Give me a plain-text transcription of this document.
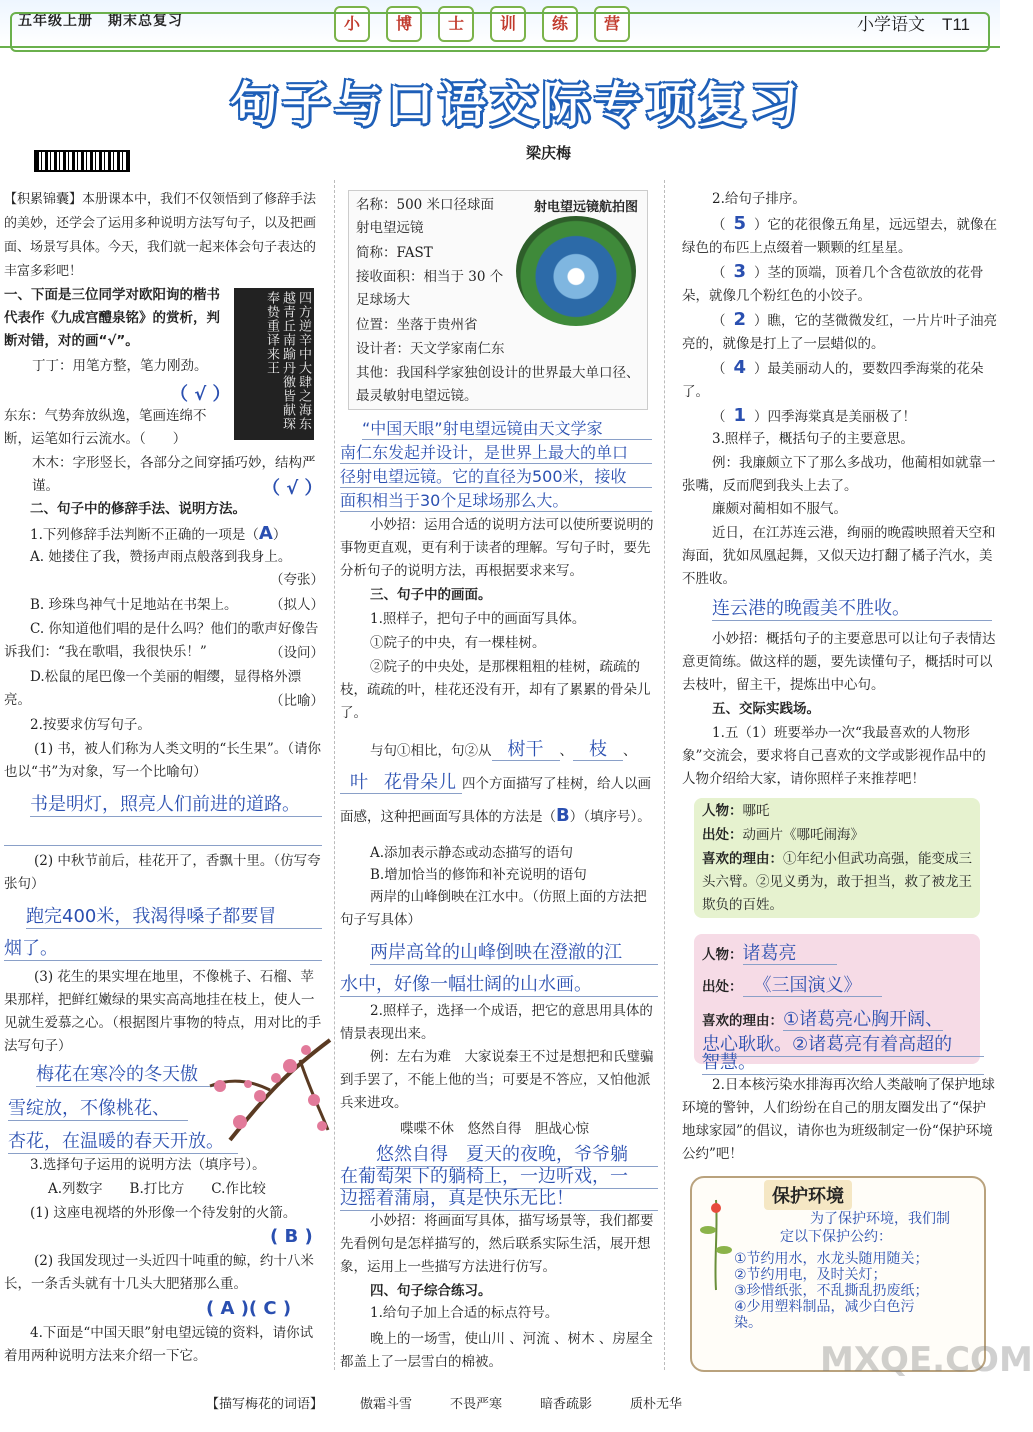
五年级上册　期末总复习	小	博	士	训	练	营	小学语文　T11
句子与口语交际专项复习
梁庆梅
【积累锦囊】本册课本中，我们不仅领悟到了修辞手法的美妙，还学会了运用多种说明方法写句子，以及把画面、场景写具体。今天，我们就一起来体会句子表达的丰富多彩吧！
一、下面是三位同学对欧阳询的楷书代表作《九成宫醴泉铭》的赏析，判断对错，对的画“√”。
丁丁：用笔方整，笔力刚劲。
（ √ ）
东东：气势奔放纵逸，笔画连绵不断，运笔如行云流水。（　　）
木木：字形竖长，各部分之间穿插巧妙，结构严谨。	（ √ ）
四方逆辛中大肆之海东越青丘南踰丹徼皆献琛奉贽重译来王
二、句子中的修辞手法、说明方法。
1.下列修辞手法判断不正确的一项是（A）
A. 她搂住了我，赞扬声雨点般落到我身上。
（夸张）
B. 珍珠鸟神气十足地站在书架上。	（拟人）
C. 你知道他们唱的是什么吗？他们的歌声好像告诉我们：“我在歌唱，我很快乐！”	（设问）
D.松鼠的尾巴像一个美丽的帽缨，显得格外漂亮。	（比喻）
2.按要求仿写句子。
(1) 书，被人们称为人类文明的“长生果”。（请你也以“书”为对象，写一个比喻句）
书是明灯，照亮人们前进的道路。
(2) 中秋节前后，桂花开了，香飘十里。（仿写夸张句）
跑完400米，我渴得嗓子都要冒
烟了。
(3) 花生的果实埋在地里，不像桃子、石榴、苹果那样，把鲜红嫩绿的果实高高地挂在枝上，使人一见就生爱慕之心。（根据图片事物的特点，用对比的手法写句子）
梅花在寒冷的冬天傲
雪绽放，不像桃花、
杏花，在温暖的春天开放。
3.选择句子运用的说明方法（填序号）。
A.列数字　　B.打比方　　C.作比较
(1) 这座电视塔的外形像一个待发射的火箭。
( B )
(2) 我国发现过一头近四十吨重的鲸，约十八米长，一条舌头就有十几头大肥猪那么重。
( A )( C )
4.下面是“中国天眼”射电望远镜的资料，请你试着用两种说明方法来介绍一下它。
名称：500 米口径球面射电望远镜
简称：FAST
接收面积：相当于 30 个足球场大
位置：坐落于贵州省
设计者：天文学家南仁东
其他：我国科学家独创设计的世界最大单口径、最灵敏射电望远镜。
射电望远镜航拍图
“中国天眼”射电望远镜由天文学家
南仁东发起并设计，是世界上最大的单口
径射电望远镜。它的直径为500米，接收
面积相当于30个足球场那么大。
小妙招：运用合适的说明方法可以使所要说明的事物更直观，更有利于读者的理解。写句子时，要先分析句子的说明方法，再根据要求来写。
三、句子中的画面。
1.照样子，把句子中的画面写具体。
①院子的中央，有一棵桂树。
②院子的中央处，是那棵粗粗的桂树，疏疏的枝，疏疏的叶，桂花还没有开，却有了累累的骨朵儿了。
与句①相比，句②从 树干 、 枝 、叶 花骨朵儿 四个方面描写了桂树，给人以画面感，这种把画面写具体的方法是（B）（填序号）。
A.添加表示静态或动态描写的语句
B.增加恰当的修饰和补充说明的语句
两岸的山峰倒映在江水中。（仿照上面的方法把句子写具体）
两岸高耸的山峰倒映在澄澈的江
水中，好像一幅壮阔的山水画。
2.照样子，选择一个成语，把它的意思用具体的情景表现出来。
例：左右为难　大家说秦王不过是想把和氏璧骗到手罢了，不能上他的当；可要是不答应，又怕他派兵来进攻。
喋喋不休　悠然自得　胆战心惊
悠然自得　夏天的夜晚，爷爷躺
在葡萄架下的躺椅上，一边听戏，一
边摇着蒲扇，真是快乐无比！
小妙招：将画面写具体，描写场景等，我们都要先看例句是怎样描写的，然后联系实际生活，展开想象，运用上一些描写方法进行仿写。
四、句子综合练习。
1.给句子加上合适的标点符号。
晚上的一场雪，使山川 、河流 、树木 、房屋全都盖上了一层雪白的棉被。
2.给句子排序。
（ 5 ）它的花很像五角星，远远望去，就像在绿色的布匹上点缀着一颗颗的红星星。
（ 3 ）茎的顶端，顶着几个含苞欲放的花骨朵，就像几个粉红色的小饺子。
（ 2 ）瞧，它的茎微微发红，一片片叶子油亮亮的，就像是打上了一层蜡似的。
（ 4 ）最美丽动人的，要数四季海棠的花朵了。
（ 1 ）四季海棠真是美丽极了！
3.照样子，概括句子的主要意思。
例：我廉颇立下了那么多战功，他蔺相如就靠一张嘴，反而爬到我头上去了。
廉颇对蔺相如不服气。
近日，在江苏连云港，绚丽的晚霞映照着天空和海面，犹如凤凰起舞，又似天边打翻了橘子汽水，美不胜收。
连云港的晚霞美不胜收。
小妙招：概括句子的主要意思可以让句子表情达意更简练。做这样的题，要先读懂句子，概括时可以去枝叶，留主干，提炼出中心句。
五、交际实践场。
1.五（1）班要举办一次“我最喜欢的人物形象”交流会，要求将自己喜欢的文学或影视作品中的人物介绍给大家，请你照样子来推荐吧！
人物：哪吒
出处：动画片《哪吒闹海》
喜欢的理由：①年纪小但武功高强，能变成三头六臂。②见义勇为，敢于担当，救了被龙王欺负的百姓。
人物：诸葛亮
出处： 《三国演义》
喜欢的理由：①诸葛亮心胸开阔、
忠心耿耿。②诸葛亮有着高超的
智慧。
2.日本核污染水排海再次给人类敲响了保护地球环境的警钟，人们纷纷在自己的朋友圈发出了“保护地球家园”的倡议，请你也为班级制定一份“保护环境公约”吧！
保护环境
为了保护环境，我们制
定以下保护公约：
①节约用水，水龙头随用随关；
②节约用电，及时关灯；
③珍惜纸张，不乱撕乱扔废纸；
④少用塑料制品，减少白色污
染。
【描写梅花的词语】	傲霜斗雪	不畏严寒	暗香疏影	质朴无华
MXQE.COM
